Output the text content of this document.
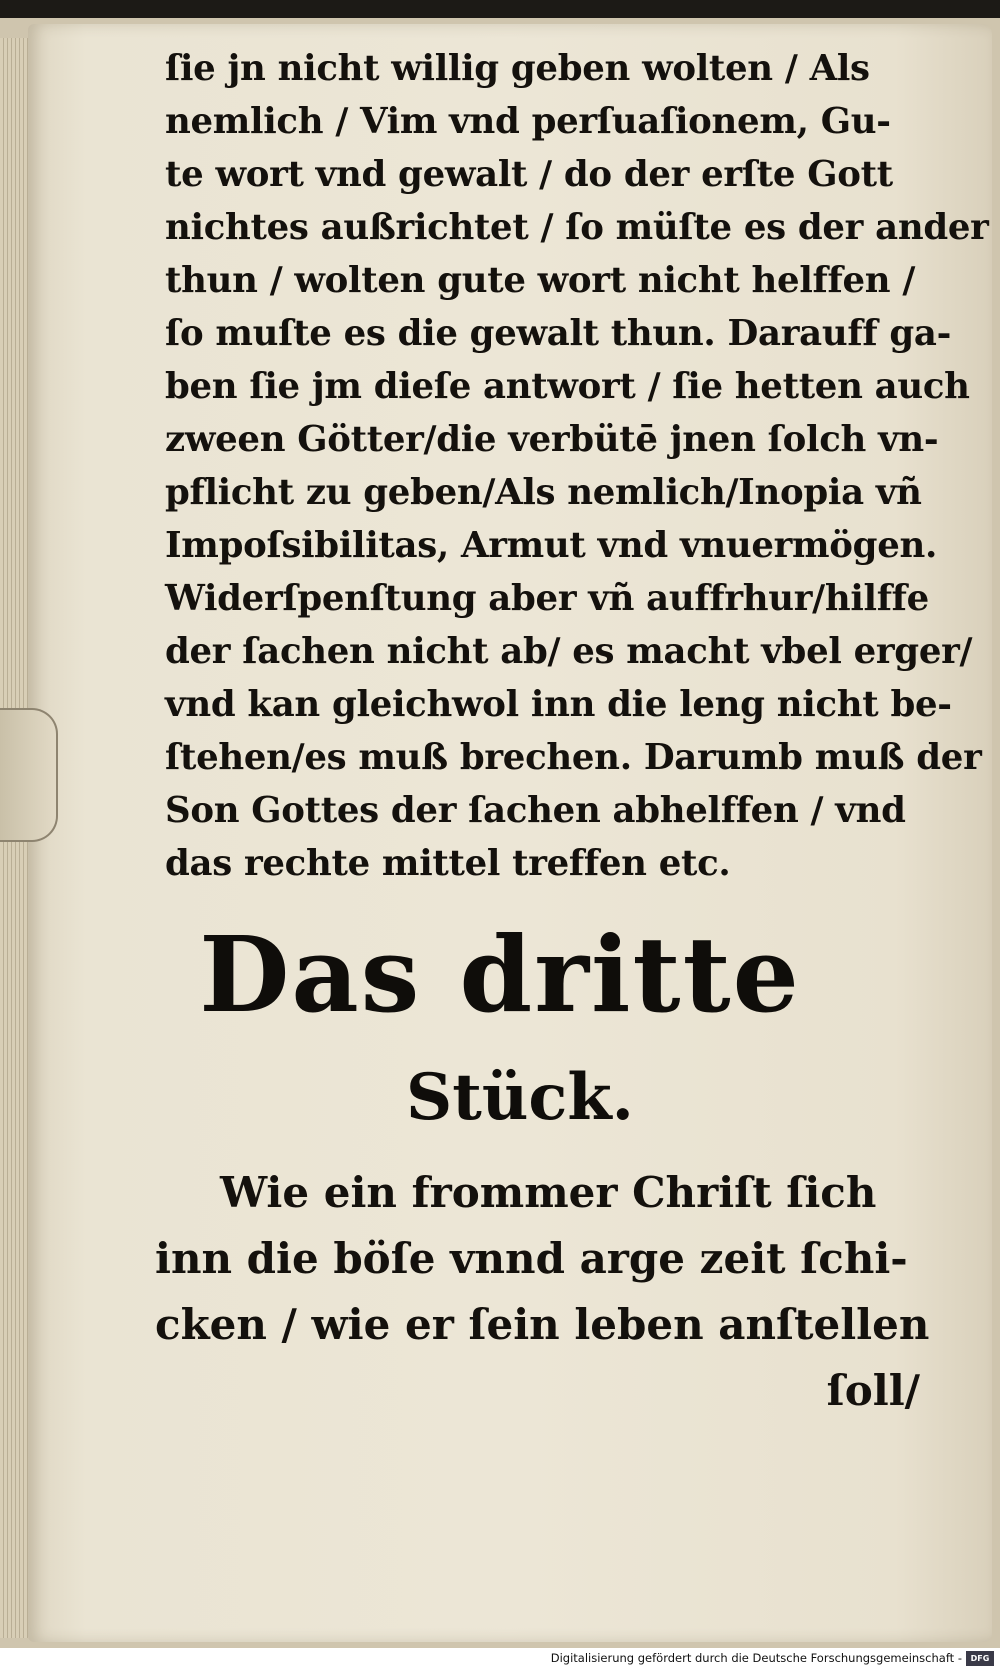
ſie jn nicht willig geben wolten / Als
nemlich / Vim vnd perſuaſionem, Gu-
te wort vnd gewalt / do der erſte Gott
nichtes außrichtet / ſo müſte es der ander
thun / wolten gute wort nicht helffen /
ſo muſte es die gewalt thun. Darauff ga-
ben ſie jm dieſe antwort / ſie hetten auch
zween Götter/die verbütē jnen ſolch vn-
pflicht zu geben/Als nemlich/Inopia vñ
Impoſsibilitas, Armut vnd vnuermögen.
Widerſpenſtung aber vñ auffrhur/hilffe
der ſachen nicht ab/ es macht vbel erger/
vnd kan gleichwol inn die leng nicht be-
ſtehen/es muß brechen. Darumb muß der
Son Gottes der ſachen abhelffen / vnd
das rechte mittel treffen etc.
Das dritte
Stück.
Wie ein frommer Chriſt ſich
inn die böſe vnnd arge zeit ſchi-
cken / wie er ſein leben anſtellen
ſoll/
Digitalisierung gefördert durch die Deutsche Forschungsgemeinschaft -	DFG
